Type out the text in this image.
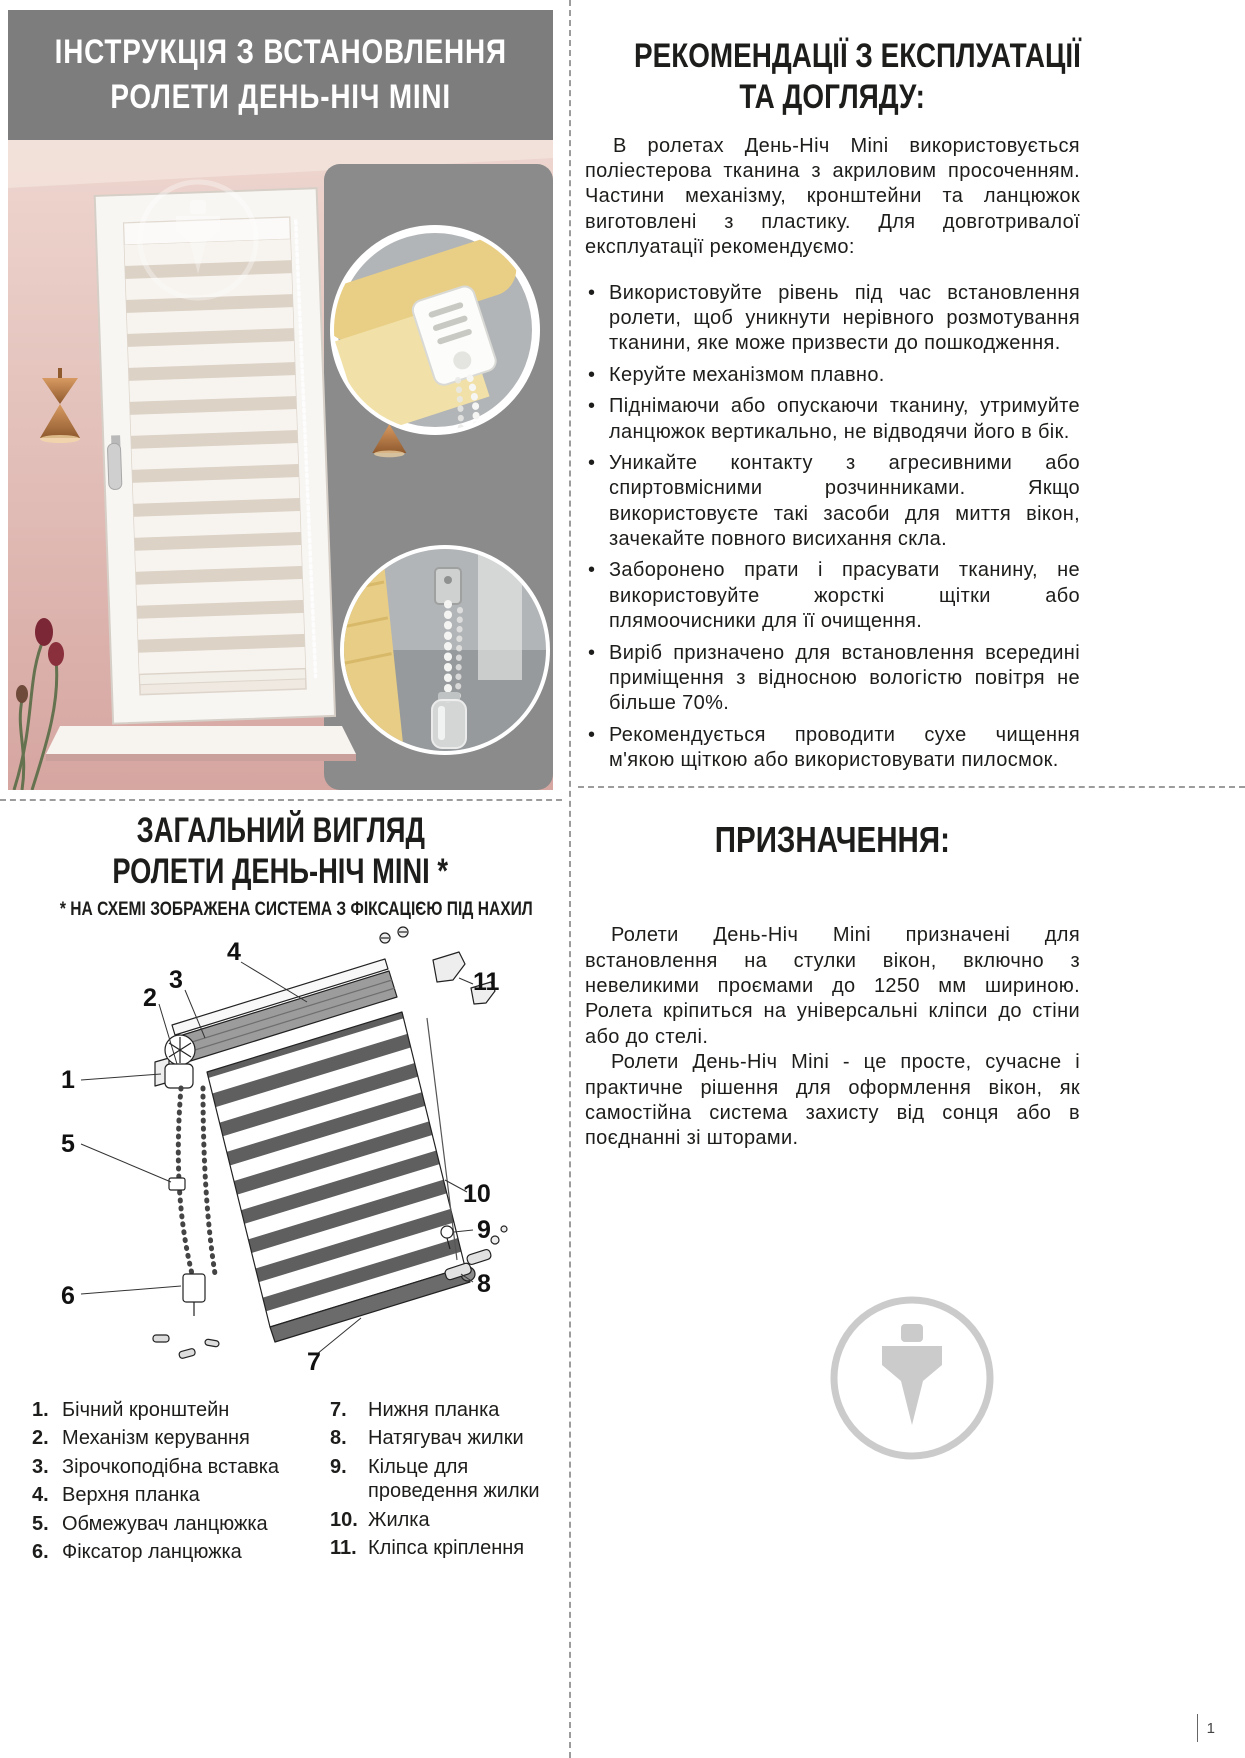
ІНСТРУКЦІЯ З ВСТАНОВЛЕННЯ
РОЛЕТИ ДЕНЬ-НІЧ MINI
РЕКОМЕНДАЦІЇ З ЕКСПЛУАТАЦІЇ
ТА ДОГЛЯДУ:

В ролетах День-Ніч Mini використовується поліестерова тканина з акриловим просоченням. Частини механізму, кронштейни та ланцюжок виготовлені з пластику. Для довготривалої експлуатації рекомендуємо:

• Використовуйте рівень під час встановлення ролети, щоб уникнути нерівного розмотування тканини, яке може призвести до пошкодження.
• Керуйте механізмом плавно.
• Піднімаючи або опускаючи тканину, утримуйте ланцюжок вертикально, не відводячи його в бік.
• Уникайте контакту з агресивними або спиртовмісними розчинниками. Якщо використовуєте такі засоби для миття вікон, зачекайте повного висихання скла.
• Заборонено прати і прасувати тканину, не використовуйте жорсткі щітки або плямоочисники для її очищення.
• Виріб призначено для встановлення всередині приміщення з відносною вологістю повітря не більше 70%.
• Рекомендується проводити сухе чищення м'якою щіткою або використовувати пилосмок.
ЗАГАЛЬНИЙ ВИГЛЯД
РОЛЕТИ ДЕНЬ-НІЧ MINI *
* НА СХЕМІ ЗОБРАЖЕНА СИСТЕМА З ФІКСАЦІЄЮ ПІД НАХИЛ
1
2
3
4
5
6
7
8
9
10
11
1. Бічний кронштейн
2. Механізм керування
3. Зірочкоподібна вставка
4. Верхня планка
5. Обмежувач ланцюжка
6. Фіксатор ланцюжка
7.	Нижня планка
8.	Натягувач жилки
9.	Кільце для проведення жилки
10. Жилка
11. Кліпса кріплення
ПРИЗНАЧЕННЯ:

Ролети День-Ніч Mini призначені для встановлення на стулки вікон, включно з невеликими проємами до 1250 мм шириною. Ролета кріпиться на універсальні кліпси до стіни або до стелі.

Ролети День-Ніч Mini - це просте, сучасне і практичне рішення для оформлення вікон, як самостійна система захисту від сонця або в поєднанні зі шторами.

1
